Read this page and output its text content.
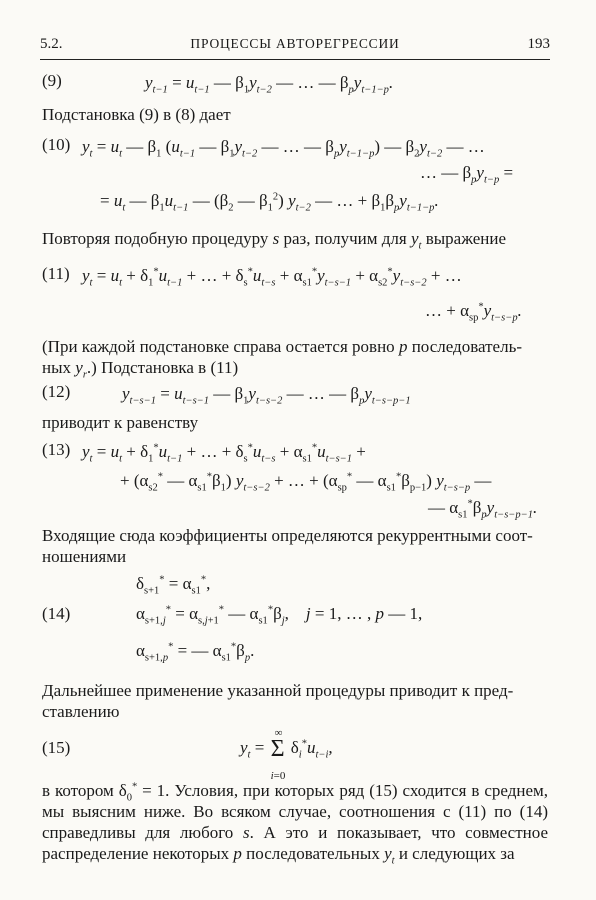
5.2.	ПРОЦЕССЫ АВТОРЕГРЕССИИ	193
(9)	$y_{t-1} = u_{t-1}$ — $\beta_1y_{t-2}$ — … — $\beta_py_{t-1-p}$.
Подстановка (9) в (8) дает
(10) $y_t = u_t$ — $\beta_1$ ($u_{t-1}$ — $\beta_1y_{t-2}$ — … — $\beta_py_{t-1-p}$) — $\beta_2y_{t-2}$ — …
… — $\beta_py_{t-p}$ =
= $u_t$ — $\beta_1u_{t-1}$ — ($\beta_2$ — $\beta_1^2$) $y_{t-2}$ — … + $\beta_1\beta_py_{t-1-p}$.
Повторяя подобную процедуру s раз, получим для $y_t$ выражение
(11) $y_t = u_t + \delta_1^*u_{t-1}$ + … + $\delta_s^*u_{t-s} + \alpha_{s1}^*y_{t-s-1} + \alpha_{s2}^*y_{t-s-2}$ + …
… + $\alpha_{sp}^*y_{t-s-p}$.
(При каждой подстановке справа остается ровно p последователь-
ных $y_r$.) Подстановка в (11)
(12)	$y_{t-s-1} = u_{t-s-1}$ — $\beta_1y_{t-s-2}$ — … — $\beta_py_{t-s-p-1}$
приводит к равенству
(13) $y_t = u_t + \delta_1^*u_{t-1}$ + … + $\delta_s^*u_{t-s} + \alpha_{s1}^*u_{t-s-1}$ +
+ ($\alpha_{s2}^*$ — $\alpha_{s1}^*\beta_1$) $y_{t-s-2}$ + … + ($\alpha_{sp}^*$ — $\alpha_{s1}^*\beta_{p-1}$) $y_{t-s-p}$ —
— $\alpha_{s1}^*\beta_py_{t-s-p-1}$.
Входящие сюда коэффициенты определяются рекуррентными соот-
ношениями
(14)
$\delta_{s+1}^* = \alpha_{s1}^*$,
$\alpha_{s+1,j}^* = \alpha_{s,j+1}^*$ — $\alpha_{s1}^*\beta_j$,    j = 1, … , p — 1,
$\alpha_{s+1,p}^*$ = — $\alpha_{s1}^*\beta_p$.
Дальнейшее применение указанной процедуры приводит к пред-
ставлению
(15)	$y_t = \Sigma$
∞
i=0
$\delta_i^*u_{t-i}$,
в котором $\delta_0^* = 1$. Условия, при которых ряд (15) сходится в среднем, мы выясним ниже. Во всяком случае, соотношения с (11) по (14) справедливы для любого s. А это и показывает, что совместное распределение некоторых p последовательных $y_t$ и следующих за
